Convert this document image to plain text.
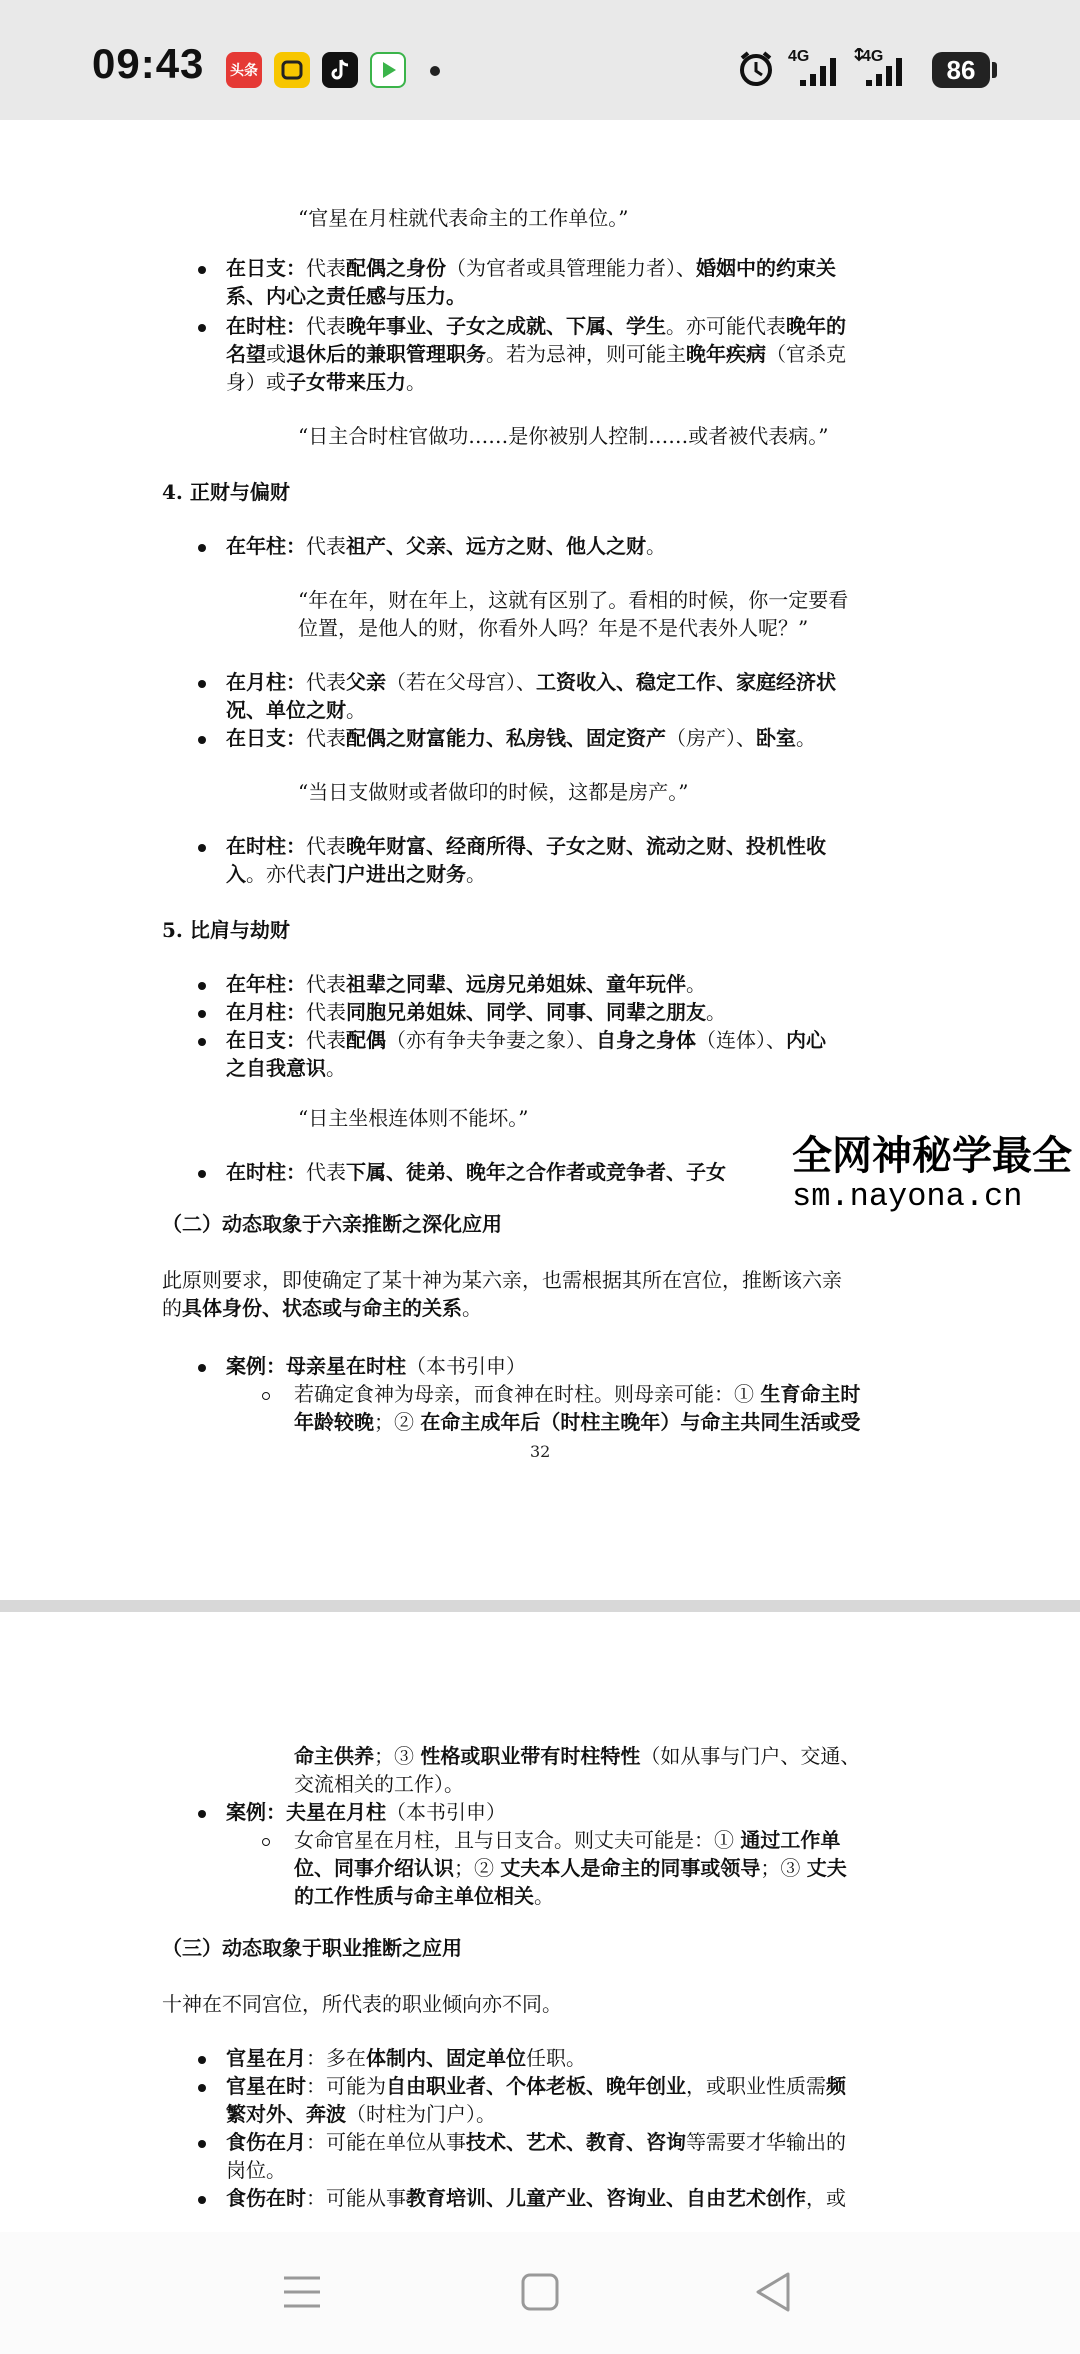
09:43 头条
4G	4G	86
“官星在月柱就代表命主的工作单位。”
在日支：代表配偶之身份（为官者或具管理能力者）、婚姻中的约束关
系、内心之责任感与压力。
在时柱：代表晚年事业、子女之成就、下属、学生。亦可能代表晚年的
名望或退休后的兼职管理职务。若为忌神，则可能主晚年疾病（官杀克
身）或子女带来压力。
“日主合时柱官做功……是你被别人控制……或者被代表病。”
4. 正财与偏财
在年柱：代表祖产、父亲、远方之财、他人之财。
“年在年，财在年上，这就有区别了。看相的时候，你一定要看
位置，是他人的财，你看外人吗？年是不是代表外人呢？”
在月柱：代表父亲（若在父母宫）、工资收入、稳定工作、家庭经济状
况、单位之财。
在日支：代表配偶之财富能力、私房钱、固定资产（房产）、卧室。
“当日支做财或者做印的时候，这都是房产。”
在时柱：代表晚年财富、经商所得、子女之财、流动之财、投机性收
入。亦代表门户进出之财务。
5. 比肩与劫财
在年柱：代表祖辈之同辈、远房兄弟姐妹、童年玩伴。
在月柱：代表同胞兄弟姐妹、同学、同事、同辈之朋友。
在日支：代表配偶（亦有争夫争妻之象）、自身之身体（连体）、内心
之自我意识。
“日主坐根连体则不能坏。”
在时柱：代表下属、徒弟、晚年之合作者或竞争者、子女
（二）动态取象于六亲推断之深化应用
此原则要求，即使确定了某十神为某六亲，也需根据其所在宫位，推断该六亲
的具体身份、状态或与命主的关系。
案例：母亲星在时柱（本书引申）
若确定食神为母亲，而食神在时柱。则母亲可能：① 生育命主时
年龄较晚；② 在命主成年后（时柱主晚年）与命主共同生活或受
32
全网神秘学最全
sm.nayona.cn
命主供养；③ 性格或职业带有时柱特性（如从事与门户、交通、
交流相关的工作）。
案例：夫星在月柱（本书引申）
女命官星在月柱，且与日支合。则丈夫可能是：① 通过工作单
位、同事介绍认识；② 丈夫本人是命主的同事或领导；③ 丈夫
的工作性质与命主单位相关。
（三）动态取象于职业推断之应用
十神在不同宫位，所代表的职业倾向亦不同。
官星在月：多在体制内、固定单位任职。
官星在时：可能为自由职业者、个体老板、晚年创业，或职业性质需频
繁对外、奔波（时柱为门户）。
食伤在月：可能在单位从事技术、艺术、教育、咨询等需要才华输出的
岗位。
食伤在时：可能从事教育培训、儿童产业、咨询业、自由艺术创作，或
